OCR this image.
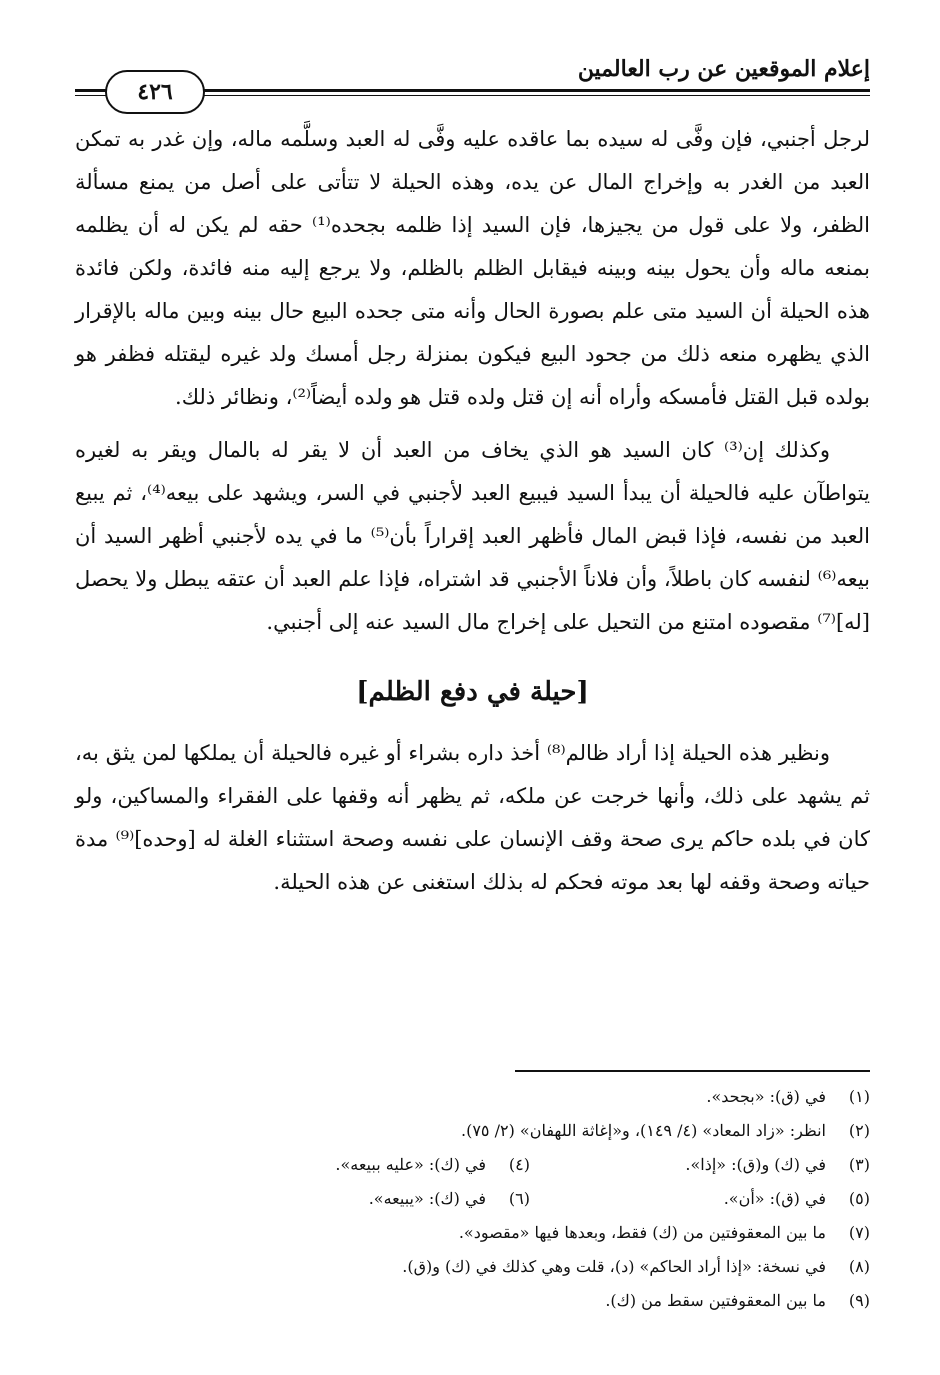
إعلام الموقعين عن رب العالمين
٤٢٦

لرجل أجنبي، فإن وفَّى له سيده بما عاقده عليه وفَّى له العبد وسلَّمه ماله، وإن غدر به تمكن العبد من الغدر به وإخراج المال عن يده، وهذه الحيلة لا تتأتى على أصل من يمنع مسألة الظفر، ولا على قول من يجيزها، فإن السيد إذا ظلمه بجحده⁽¹⁾ حقه لم يكن له أن يظلمه بمنعه ماله وأن يحول بينه وبينه فيقابل الظلم بالظلم، ولا يرجع إليه منه فائدة، ولكن فائدة هذه الحيلة أن السيد متى علم بصورة الحال وأنه متى جحده البيع حال بينه وبين ماله بالإقرار الذي يظهره منعه ذلك من جحود البيع فيكون بمنزلة رجل أمسك ولد غيره ليقتله فظفر هو بولده قبل القتل فأمسكه وأراه أنه إن قتل ولده قتل هو ولده أيضاً⁽²⁾، ونظائر ذلك.

وكذلك إن⁽³⁾ كان السيد هو الذي يخاف من العبد أن لا يقر له بالمال ويقر به لغيره يتواطآن عليه فالحيلة أن يبدأ السيد فيبيع العبد لأجنبي في السر، ويشهد على بيعه⁽⁴⁾، ثم يبيع العبد من نفسه، فإذا قبض المال فأظهر العبد إقراراً بأن⁽⁵⁾ ما في يده لأجنبي أظهر السيد أن بيعه⁽⁶⁾ لنفسه كان باطلاً، وأن فلاناً الأجنبي قد اشتراه، فإذا علم العبد أن عتقه يبطل ولا يحصل [له]⁽⁷⁾ مقصوده امتنع من التحيل على إخراج مال السيد عنه إلى أجنبي.

[حيلة في دفع الظلم]

ونظير هذه الحيلة إذا أراد ظالم⁽⁸⁾ أخذ داره بشراء أو غيره فالحيلة أن يملكها لمن يثق به، ثم يشهد على ذلك، وأنها خرجت عن ملكه، ثم يظهر أنه وقفها على الفقراء والمساكين، ولو كان في بلده حاكم يرى صحة وقف الإنسان على نفسه وصحة استثناء الغلة له [وحده]⁽⁹⁾ مدة حياته وصحة وقفه لها بعد موته فحكم له بذلك استغنى عن هذه الحيلة.

(١)
في (ق): «بجحد».
(٢)
انظر: «زاد المعاد» (٤/ ١٤٩)، و«إغاثة اللهفان» (٢/ ٧٥).
(٣)
في (ك) و(ق): «إذا».
(٤)
في (ك): «عليه ببيعه».
(٥)
في (ق): «أن».
(٦)
في (ك): «يبيعه».
(٧)
ما بين المعقوفتين من (ك) فقط، وبعدها فيها «مقصود».
(٨)
في نسخة: «إذا أراد الحاكم» (د)، قلت وهي كذلك في (ك) و(ق).
(٩)
ما بين المعقوفتين سقط من (ك).
